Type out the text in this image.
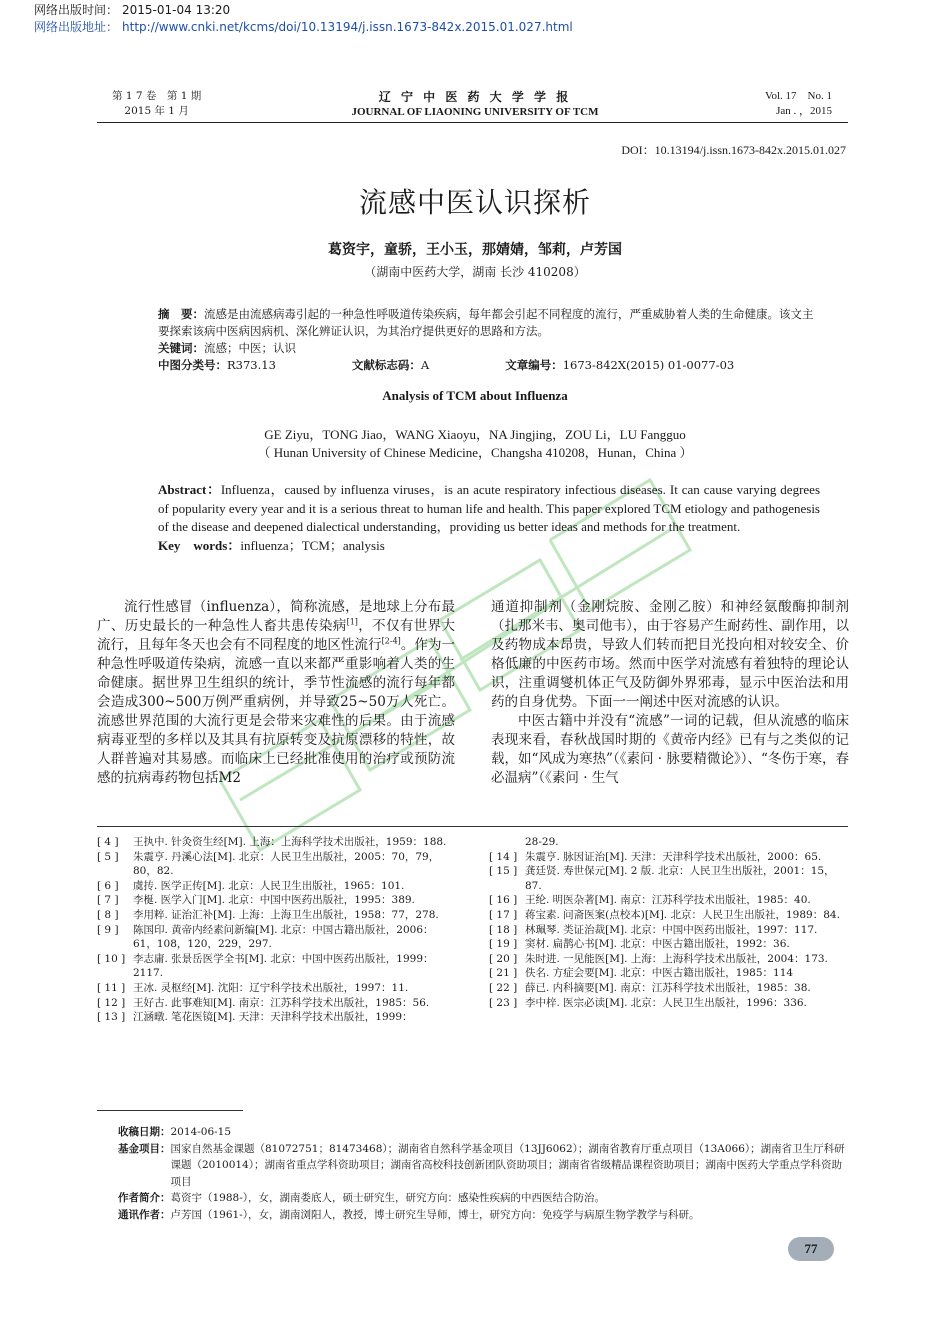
网络出版时间： 2015-01-04 13:20
网络出版地址： http://www.cnki.net/kcms/doi/10.13194/j.issn.1673-842x.2015.01.027.html
第 1 7 卷　第 1 期
2015 年 1 月
辽 宁 中 医 药 大 学 学 报
JOURNAL OF LIAONING UNIVERSITY OF TCM
Vol. 17　No. 1
Jan . ，2015
DOI：10.13194/j.issn.1673-842x.2015.01.027
流感中医认识探析
葛资宇，童骄，王小玉，那婧婧，邹莉，卢芳国
（湖南中医药大学，湖南 长沙 410208）
摘　要：流感是由流感病毒引起的一种急性呼吸道传染疾病，每年都会引起不同程度的流行，严重威胁着人类的生命健康。该文主要探索该病中医病因病机、深化辨证认识，为其治疗提供更好的思路和方法。
关键词：流感；中医；认识
中图分类号：R373.13	文献标志码：A	文章编号：1673-842X(2015) 01-0077-03
Analysis of TCM about Influenza
GE Ziyu，TONG Jiao，WANG Xiaoyu，NA Jingjing，ZOU Li，LU Fangguo
（ Hunan University of Chinese Medicine，Changsha 410208，Hunan，China ）
Abstract：Influenza，caused by influenza viruses，is an acute respiratory infectious diseases. It can cause varying degrees of popularity every year and it is a serious threat to human life and health. This paper explored TCM etiology and pathogenesis of the disease and deepened dialectical understanding，providing us better ideas and methods for the treatment.
Key　words：influenza；TCM；analysis

流行性感冒（influenza），简称流感，是地球上分布最广、历史最长的一种急性人畜共患传染病[1]，不仅有世界大流行，且每年冬天也会有不同程度的地区性流行[2-4]。作为一种急性呼吸道传染病，流感一直以来都严重影响着人类的生命健康。据世界卫生组织的统计，季节性流感的流行每年都会造成300~500万例严重病例，并导致25~50万人死亡。流感世界范围的大流行更是会带来灾难性的后果。由于流感病毒亚型的多样以及其具有抗原转变及抗原漂移的特性，故人群普遍对其易感。而临床上已经批准使用的治疗或预防流感的抗病毒药物包括M2

通道抑制剂（金刚烷胺、金刚乙胺）和神经氨酸酶抑制剂（扎那米韦、奥司他韦），由于容易产生耐药性、副作用，以及药物成本昂贵，导致人们转而把目光投向相对较安全、价格低廉的中医药市场。然而中医学对流感有着独特的理论认识，注重调燮机体正气及防御外界邪毒，显示中医治法和用药的自身优势。下面一一阐述中医对流感的认识。

中医古籍中并没有“流感”一词的记载，但从流感的临床表现来看，春秋战国时期的《黄帝内经》已有与之类似的记载，如“风成为寒热”（《素问 · 脉要精微论》）、“冬伤于寒，春必温病”（《素问 · 生气

[ 4 ]	王执中. 针灸资生经[M]. 上海：上海科学技术出版社，1959：188.
[ 5 ]	朱震亨. 丹溪心法[M]. 北京：人民卫生出版社，2005：70，79，80，82.
[ 6 ]	虞抟. 医学正传[M]. 北京：人民卫生出版社，1965：101.
[ 7 ]	李梴. 医学入门[M]. 北京：中国中医药出版社，1995：389.
[ 8 ]	李用粹. 证治汇补[M]. 上海：上海卫生出版社，1958：77，278.
[ 9 ]	陈国印. 黄帝内经素问新编[M]. 北京：中国古籍出版社，2006：61，108，120，229，297.
[ 10 ] 李志庸. 张景岳医学全书[M]. 北京：中国中医药出版社，1999：2117.
[ 11 ] 王冰. 灵枢经[M]. 沈阳：辽宁科学技术出版社，1997：11.
[ 12 ] 王好古. 此事难知[M]. 南京：江苏科学技术出版社，1985：56.
[ 13 ] 江涵暾. 笔花医镜[M]. 天津：天津科学技术出版社，1999：
28-29.
[ 14 ] 朱震亨. 脉因证治[M]. 天津：天津科学技术出版社，2000：65.
[ 15 ] 龚廷贤. 寿世保元[M]. 2 版. 北京：人民卫生出版社，2001：15，87.
[ 16 ] 王纶. 明医杂著[M]. 南京：江苏科学技术出版社，1985：40.
[ 17 ] 蒋宝素. 问斋医案(点校本)[M]. 北京：人民卫生出版社，1989：84.
[ 18 ] 林珮琴. 类证治裁[M]. 北京：中国中医药出版社，1997：117.
[ 19 ] 窦材. 扁鹊心书[M]. 北京：中医古籍出版社，1992：36.
[ 20 ] 朱时进. 一见能医[M]. 上海：上海科学技术出版社，2004：173.
[ 21 ] 佚名. 方症会要[M]. 北京：中医古籍出版社，1985：114
[ 22 ] 薛已. 内科摘要[M]. 南京：江苏科学技术出版社，1985：38.
[ 23 ] 李中梓. 医宗必读[M]. 北京：人民卫生出版社，1996：336.
收稿日期： 2014-06-15
基金项目： 国家自然基金课题（81072751；81473468）；湖南省自然科学基金项目（13JJ6062）；湖南省教育厅重点项目（13A066）；湖南省卫生厅科研课题（2010014）；湖南省重点学科资助项目；湖南省高校科技创新团队资助项目；湖南省省级精品课程资助项目；湖南中医药大学重点学科资助项目
作者简介： 葛资宇（1988-），女，湖南娄底人，硕士研究生，研究方向：感染性疾病的中西医结合防治。
通讯作者： 卢芳国（1961-），女，湖南浏阳人，教授，博士研究生导师，博士，研究方向：免疫学与病原生物学教学与科研。
77
